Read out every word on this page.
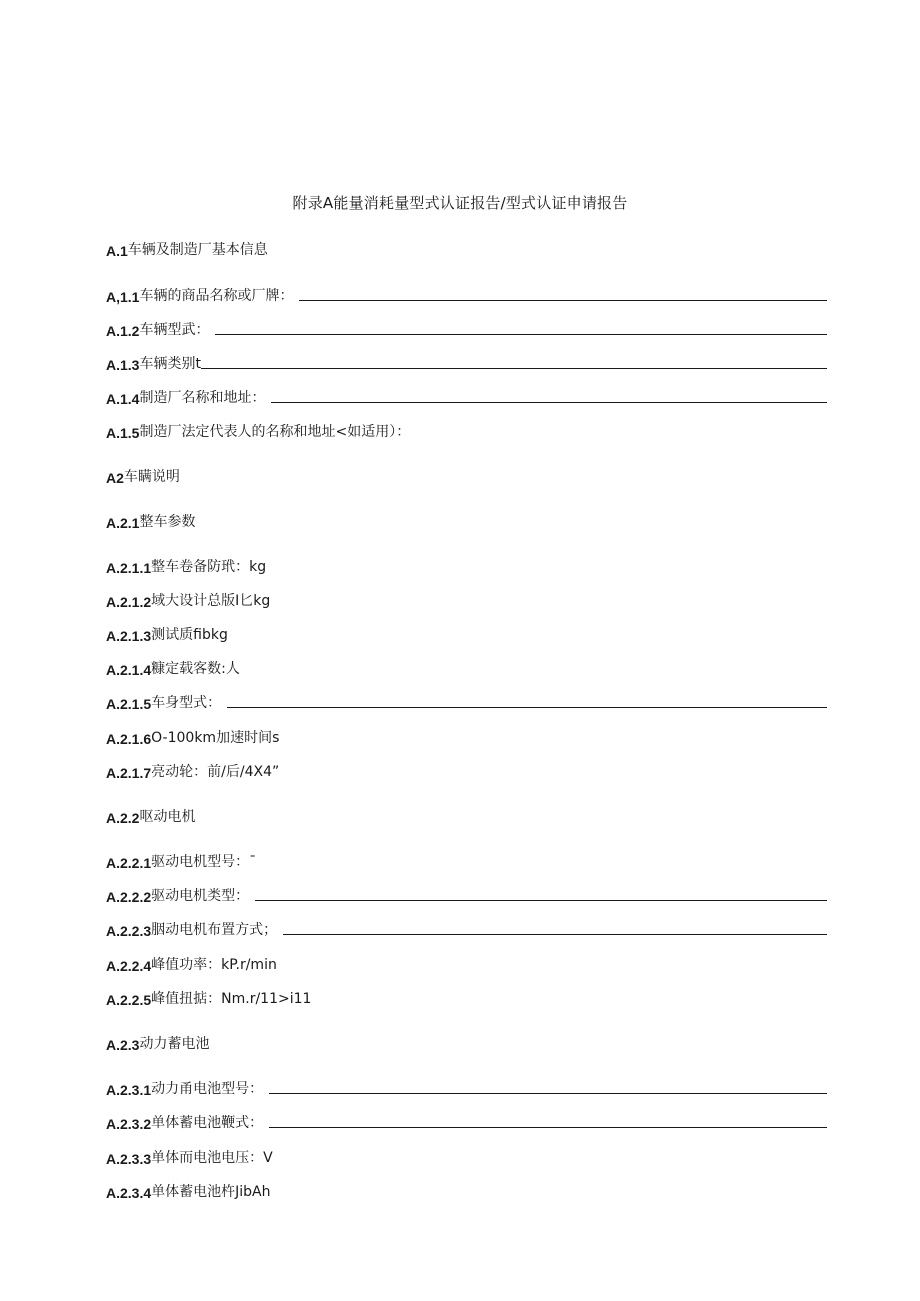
附录A能量消耗量型式认证报告/型式认证申请报告
A.1 车辆及制造厂基本信息
A,1.1 车辆的商品名称或厂牌：
A.1.2 车辆型武：
A.1.3 车辆类别t
A.1.4 制造厂名称和地址：
A.1.5 制造厂法定代表人的名称和地址<如适用）：
A2 车瞒说明
A.2.1 整车参数
A.2.1.1 整车卷备防玳：kg
A.2.1.2 域大设计总版I匕kg
A.2.1.3 测试质fibkg
A.2.1.4 糠定载客数:人
A.2.1.5 车身型式：
A.2.1.6 O-100km加速时间s
A.2.1.7 亮动轮：前/后/4X4”
A.2.2 呕动电机
A.2.2.1 驱动电机型号：¯
A.2.2.2 驱动电机类型：
A.2.2.3 胭动电机布置方式；
A.2.2.4 峰值功率：kP.r/min
A.2.2.5 峰值扭掂：Nm.r/11>i11
A.2.3 动力蓄电池
A.2.3.1 动力甬电池型号：
A.2.3.2 单体蓄电池鞭式：
A.2.3.3 单体而电池电压：V
A.2.3.4 单体蓄电池杵JibAh
